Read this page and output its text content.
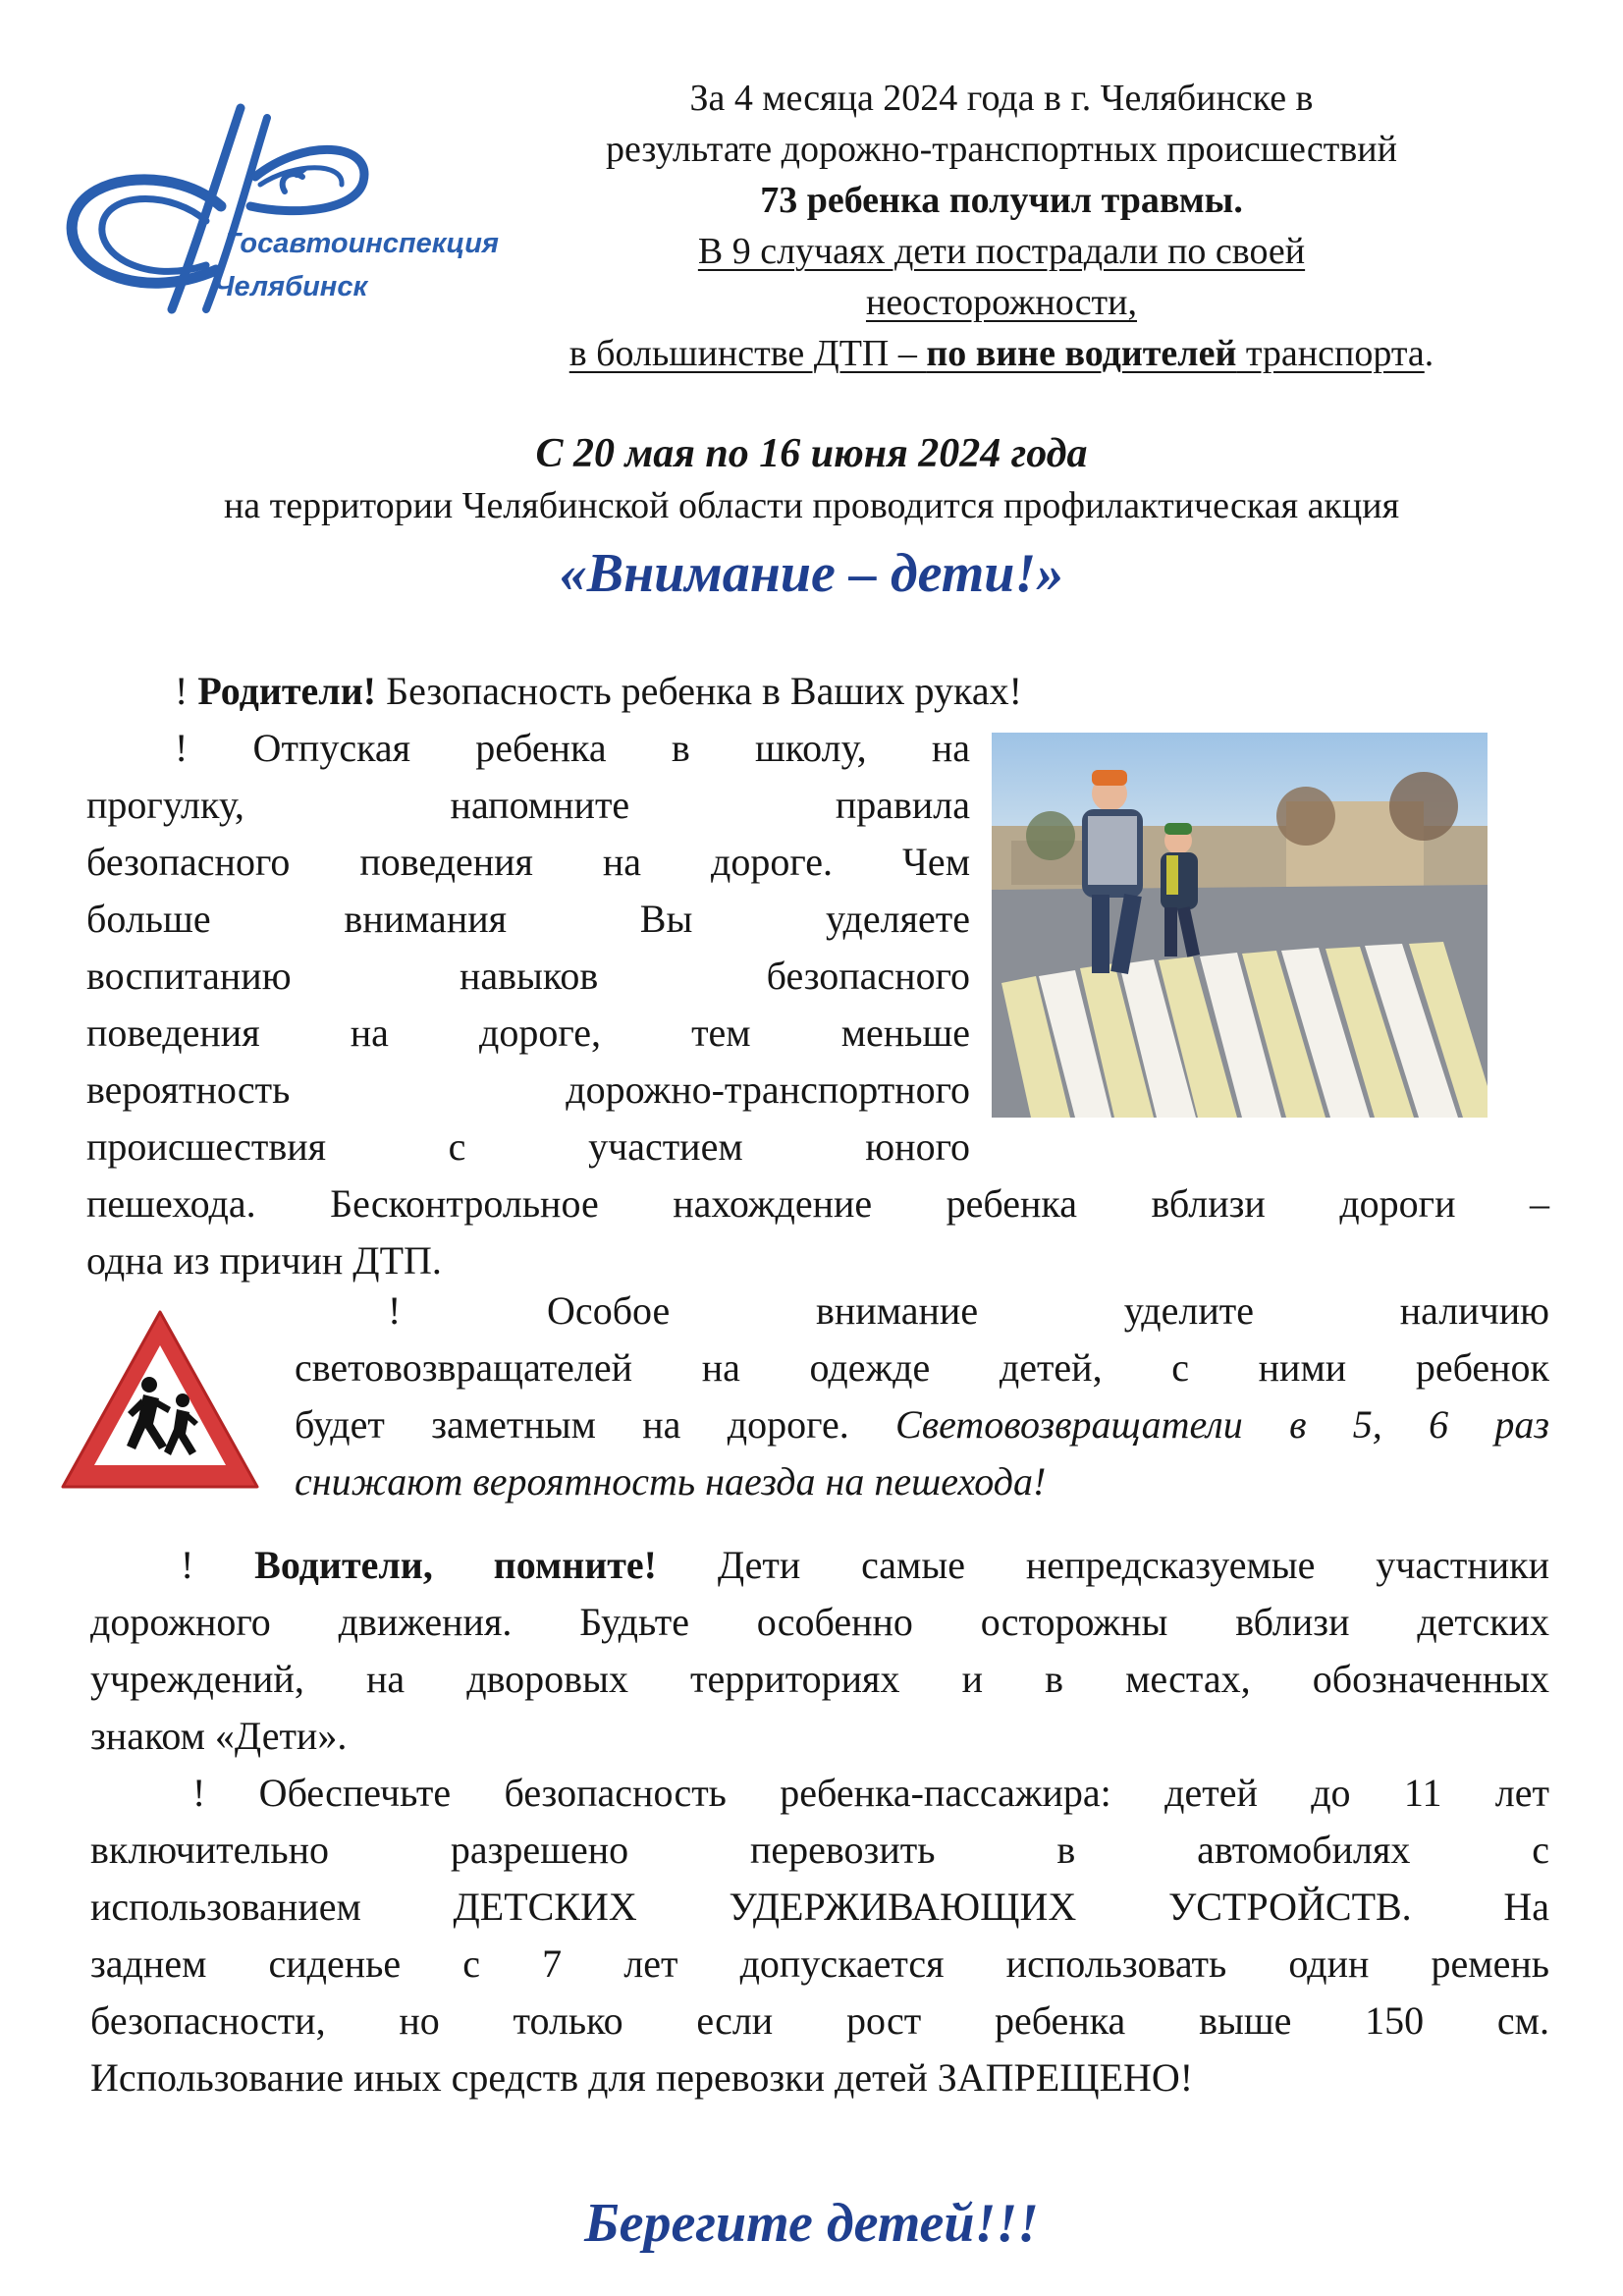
Госавтоинспекция
Челябинск
За 4 месяца 2024 года в г. Челябинске в
результате дорожно-транспортных происшествий
73 ребенка получил травмы.
В 9 случаях дети пострадали по своей
неосторожности,
в большинстве ДТП – по вине водителей транспорта.
С 20 мая по 16 июня 2024 года
на территории Челябинской области проводится профилактическая акция
«Внимание – дети!»
! Родители! Безопасность ребенка в Ваших руках!
! Отпуская ребенка в школу, на
прогулку, напомните правила
безопасного поведения на дороге. Чем
больше внимания Вы уделяете
воспитанию навыков безопасного
поведения на дороге, тем меньше
вероятность дорожно-транспортного
происшествия с участием юного
пешехода. Бесконтрольное нахождение ребенка вблизи дороги –
одна из причин ДТП.
! Особое внимание уделите наличию
световозвращателей на одежде детей, с ними ребенок
будет заметным на дороге. Световозвращатели в 5, 6 раз
снижают вероятность наезда на пешехода!
! Водители, помните! Дети самые непредсказуемые участники
дорожного движения. Будьте особенно осторожны вблизи детских
учреждений, на дворовых территориях и в местах, обозначенных
знаком «Дети».
! Обеспечьте безопасность ребенка-пассажира: детей до 11 лет
включительно разрешено перевозить в автомобилях с
использованием ДЕТСКИХ УДЕРЖИВАЮЩИХ УСТРОЙСТВ. На
заднем сиденье с 7 лет допускается использовать один ремень
безопасности, но только если рост ребенка выше 150 см.
Использование иных средств для перевозки детей ЗАПРЕЩЕНО!
Берегите детей!!!
